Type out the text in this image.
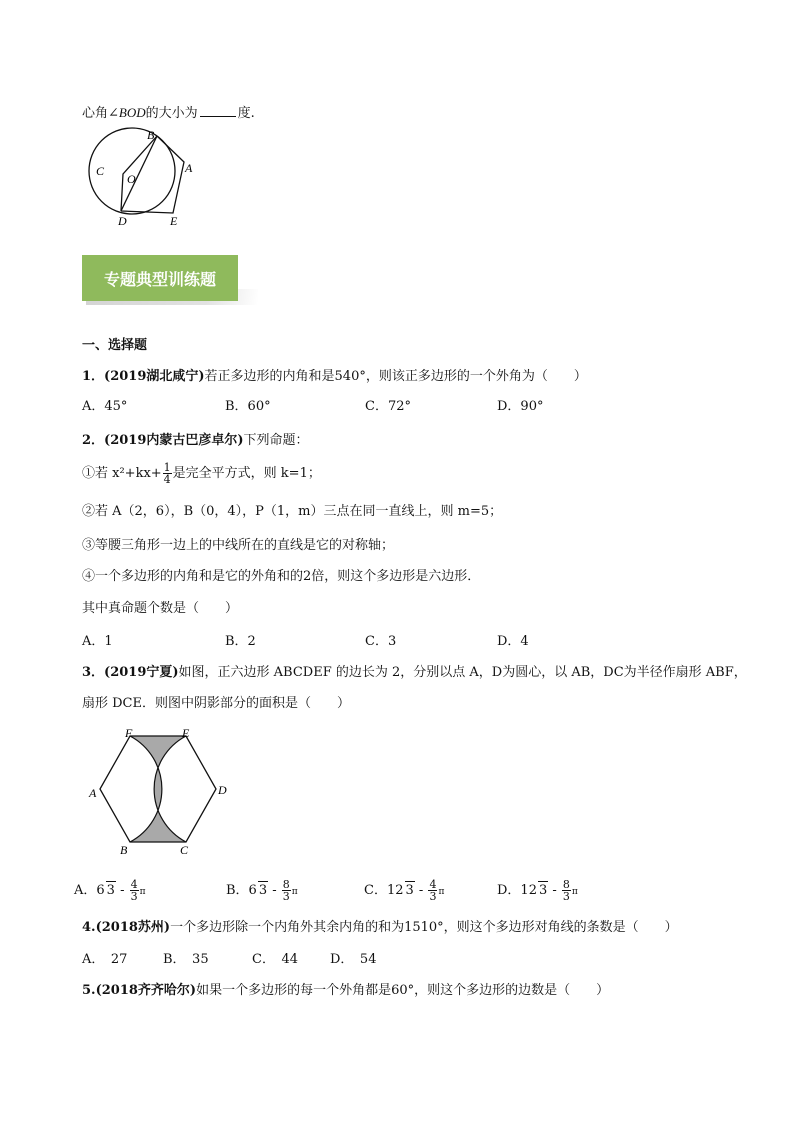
心角∠BOD的大小为	度.
B
A
C
O
D	E
专题典型训练题
一、选择题
1．(2019湖北咸宁)若正多边形的内角和是540°，则该正多边形的一个外角为（　　）
A．45°	B．60°	C．72°	D．90°
2．(2019内蒙古巴彦卓尔)下列命题：
①若 $x^2+kx+ \frac{1}{4}$ 是完全平方式，则 k=1；
②若 A（2，6），B（0，4），P（1，m）三点在同一直线上，则 m=5；
③等腰三角形一边上的中线所在的直线是它的对称轴；
④一个多边形的内角和是它的外角和的2倍，则这个多边形是六边形．
其中真命题个数是（　　）
A．1	B．2	C．3	D．4
3．(2019宁夏)如图，正六边形 ABCDEF 的边长为 2，分别以点 A，D为圆心，以 AB，DC为半径作扇形 ABF，
扇形 DCE．则图中阴影部分的面积是（　　）
F	E
A	D
B	C
A．6 $3 - \frac{4}{3}$ π	B．6 $3 - \frac{8}{3}$ π	C．12 $3 - \frac{4}{3}$ π	D．12 $3 - \frac{8}{3}$ π
4.(2018苏州)一个多边形除一个内角外其余内角的和为1510°，则这个多边形对角线的条数是（　　）
A．　27	B．　35	C．　44 D．　54
5.(2018齐齐哈尔)如果一个多边形的每一个外角都是60°，则这个多边形的边数是（　　）
